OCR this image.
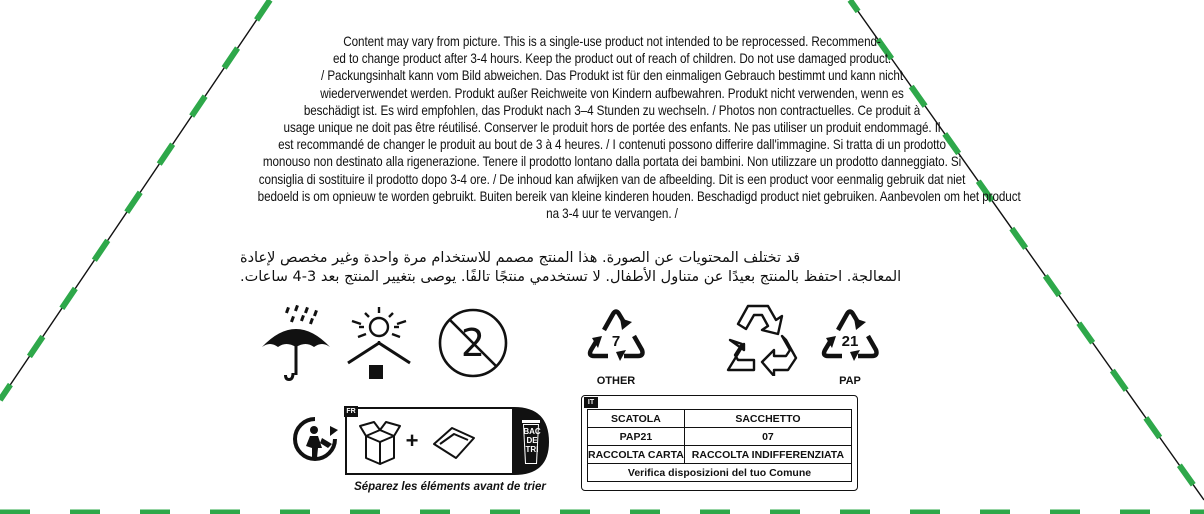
Content may vary from picture. This is a single-use product not intended to be reprocessed. Recommend-
ed to change product after 3-4 hours. Keep the product out of reach of children. Do not use damaged product.
/ Packungsinhalt kann vom Bild abweichen. Das Produkt ist für den einmaligen Gebrauch bestimmt und kann nicht
wiederverwendet werden. Produkt außer Reichweite von Kindern aufbewahren. Produkt nicht verwenden, wenn es
beschädigt ist. Es wird empfohlen, das Produkt nach 3–4 Stunden zu wechseln. / Photos non contractuelles. Ce produit à
usage unique ne doit pas être réutilisé. Conserver le produit hors de portée des enfants. Ne pas utiliser un produit endommagé. Il
est recommandé de changer le produit au bout de 3 à 4 heures. / I contenuti possono differire dall'immagine. Si tratta di un prodotto
monouso non destinato alla rigenerazione. Tenere il prodotto lontano dalla portata dei bambini. Non utilizzare un prodotto danneggiato. Si
consiglia di sostituire il prodotto dopo 3-4 ore. / De inhoud kan afwijken van de afbeelding. Dit is een product voor eenmalig gebruik dat niet
bedoeld is om opnieuw te worden gebruikt. Buiten bereik van kleine kinderen houden. Beschadigd product niet gebruiken. Aanbevolen om het product
na 3-4 uur te vervangen. /
قد تختلف المحتويات عن الصورة. هذا المنتج مصمم للاستخدام مرة واحدة وغير مخصص لإعادة
المعالجة. احتفظ بالمنتج بعيدًا عن متناول الأطفال. لا تستخدمي منتجًا تالفًا. يوصى بتغيير المنتج بعد 3-4 ساعات.
2	7
OTHER
21
PAP
FR
+	BAC
DE
TRI
Séparez les éléments avant de trier
SCATOLA	SACCHETTO
PAP21	07
RACCOLTA CARTA	RACCOLTA INDIFFERENZIATA
Verifica disposizioni del tuo Comune	
IT
